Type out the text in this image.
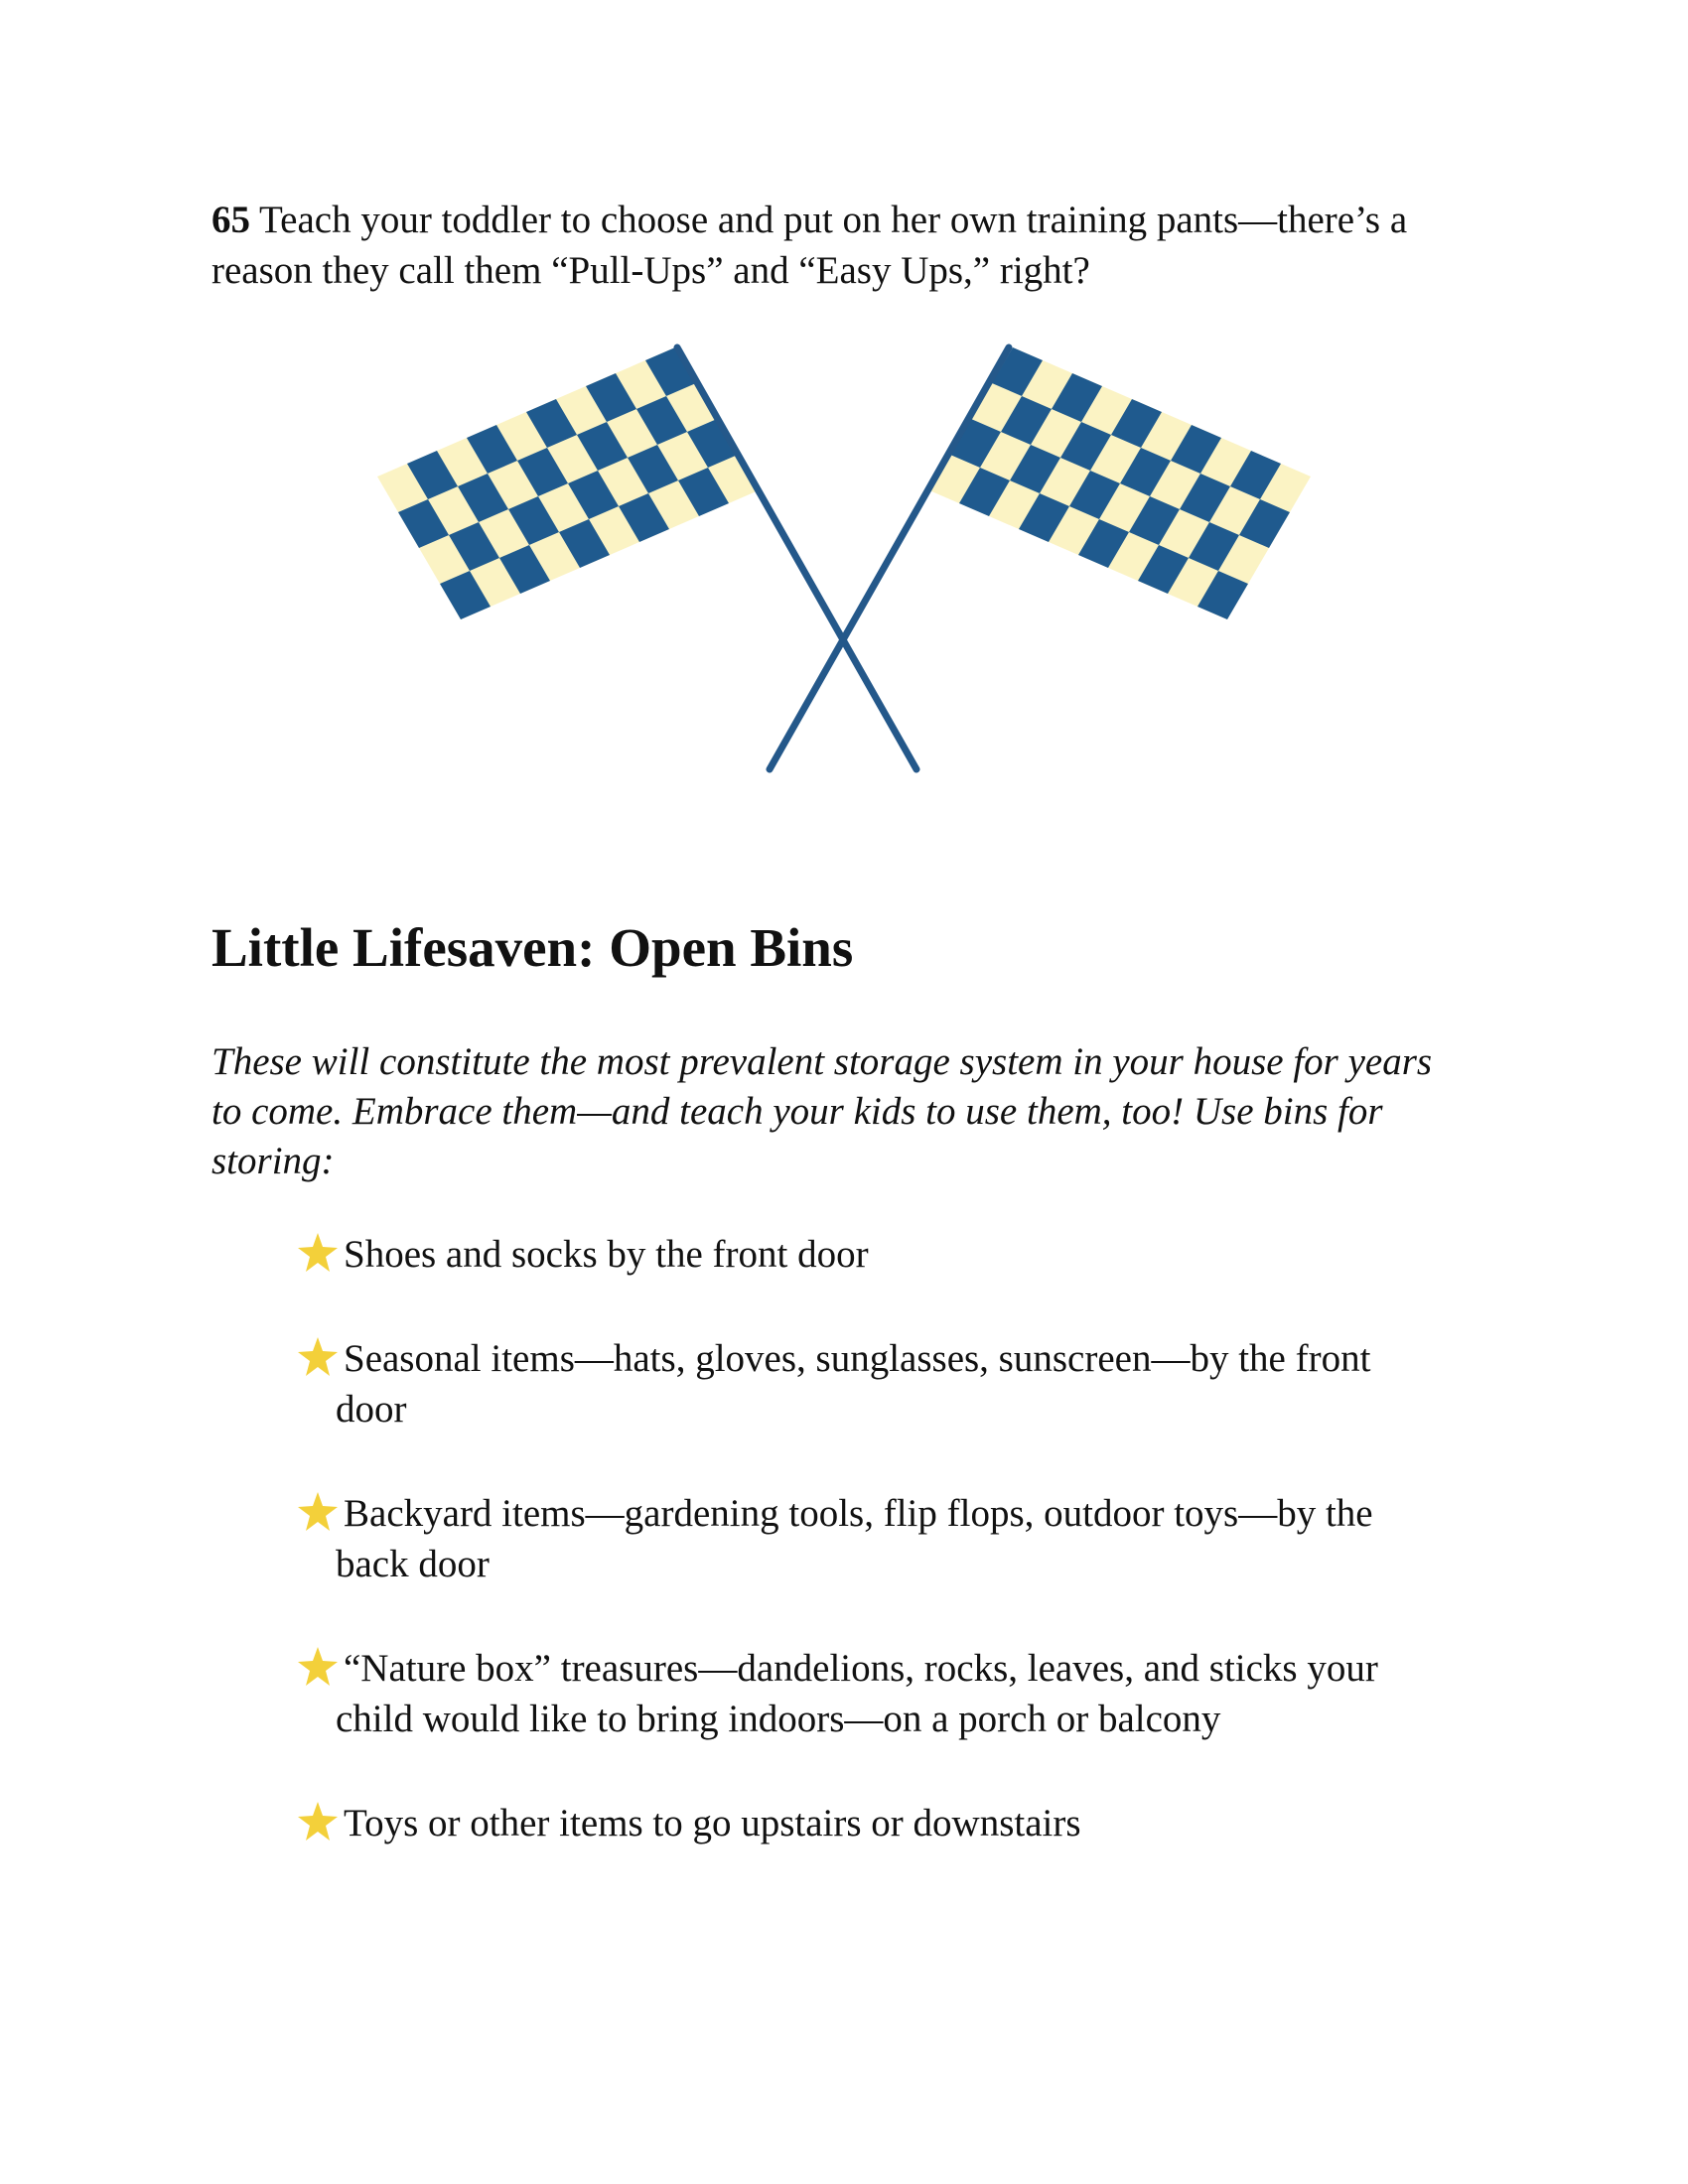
65 Teach your toddler to choose and put on her own training pants—there’s a reason they call them “Pull-Ups” and “Easy Ups,” right?
Little Lifesaven: Open Bins

These will constitute the most prevalent storage system in your house for years to come. Embrace them—and teach your kids to use them, too! Use bins for storing:

Shoes and socks by the front door
Seasonal items—hats, gloves, sunglasses, sunscreen—by the front door
Backyard items—gardening tools, flip flops, outdoor toys—by the back door
“Nature box” treasures—dandelions, rocks, leaves, and sticks your child would like to bring indoors—on a porch or balcony
Toys or other items to go upstairs or downstairs
